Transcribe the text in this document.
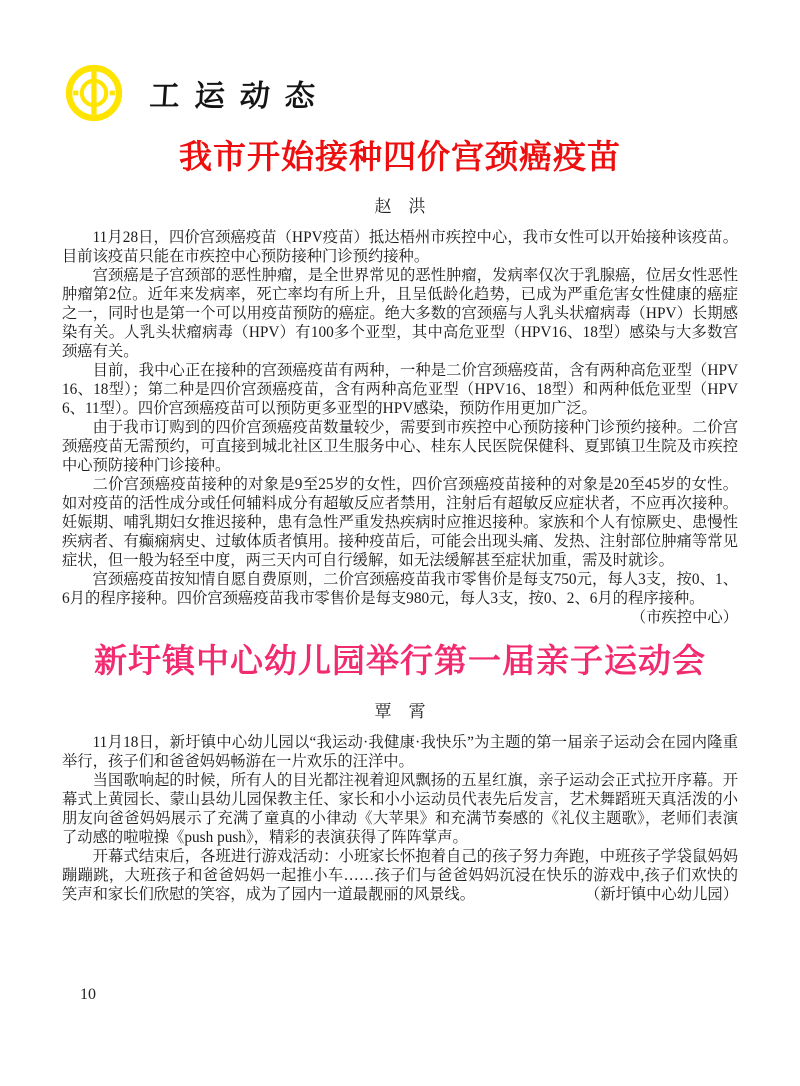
工运动态
我市开始接种四价宫颈癌疫苗
赵　洪

11月28日，四价宫颈癌疫苗（HPV疫苗）抵达梧州市疾控中心，我市女性可以开始接种该疫苗。目前该疫苗只能在市疾控中心预防接种门诊预约接种。

宫颈癌是子宫颈部的恶性肿瘤，是全世界常见的恶性肿瘤，发病率仅次于乳腺癌，位居女性恶性肿瘤第2位。近年来发病率，死亡率均有所上升，且呈低龄化趋势，已成为严重危害女性健康的癌症之一，同时也是第一个可以用疫苗预防的癌症。绝大多数的宫颈癌与人乳头状瘤病毒（HPV）长期感染有关。人乳头状瘤病毒（HPV）有100多个亚型，其中高危亚型（HPV16、18型）感染与大多数宫颈癌有关。

目前，我中心正在接种的宫颈癌疫苗有两种，一种是二价宫颈癌疫苗，含有两种高危亚型（HPV16、18型）；第二种是四价宫颈癌疫苗，含有两种高危亚型（HPV16、18型）和两种低危亚型（HPV6、11型）。四价宫颈癌疫苗可以预防更多亚型的HPV感染，预防作用更加广泛。

由于我市订购到的四价宫颈癌疫苗数量较少，需要到市疾控中心预防接种门诊预约接种。二价宫颈癌疫苗无需预约，可直接到城北社区卫生服务中心、桂东人民医院保健科、夏郢镇卫生院及市疾控中心预防接种门诊接种。

二价宫颈癌疫苗接种的对象是9至25岁的女性，四价宫颈癌疫苗接种的对象是20至45岁的女性。如对疫苗的活性成分或任何辅料成分有超敏反应者禁用，注射后有超敏反应症状者，不应再次接种。妊娠期、哺乳期妇女推迟接种，患有急性严重发热疾病时应推迟接种。家族和个人有惊厥史、患慢性疾病者、有癫痫病史、过敏体质者慎用。接种疫苗后，可能会出现头痛、发热、注射部位肿痛等常见症状，但一般为轻至中度，两三天内可自行缓解，如无法缓解甚至症状加重，需及时就诊。

宫颈癌疫苗按知情自愿自费原则，二价宫颈癌疫苗我市零售价是每支750元，每人3支，按0、1、6月的程序接种。四价宫颈癌疫苗我市零售价是每支980元，每人3支，按0、2、6月的程序接种。

（市疾控中心）

新圩镇中心幼儿园举行第一届亲子运动会
覃　霄

11月18日，新圩镇中心幼儿园以“我运动·我健康·我快乐”为主题的第一届亲子运动会在园内隆重举行，孩子们和爸爸妈妈畅游在一片欢乐的汪洋中。

当国歌响起的时候，所有人的目光都注视着迎风飘扬的五星红旗，亲子运动会正式拉开序幕。开幕式上黄园长、蒙山县幼儿园保教主任、家长和小小运动员代表先后发言，艺术舞蹈班天真活泼的小朋友向爸爸妈妈展示了充满了童真的小律动《大苹果》和充满节奏感的《礼仪主题歌》，老师们表演了动感的啦啦操《push push》，精彩的表演获得了阵阵掌声。

开幕式结束后，各班进行游戏活动：小班家长怀抱着自己的孩子努力奔跑，中班孩子学袋鼠妈妈蹦蹦跳，大班孩子和爸爸妈妈一起推小车……孩子们与爸爸妈妈沉浸在快乐的游戏中,孩子们欢快的笑声和家长们欣慰的笑容，成为了园内一道最靓丽的风景线。	（新圩镇中心幼儿园）

10
